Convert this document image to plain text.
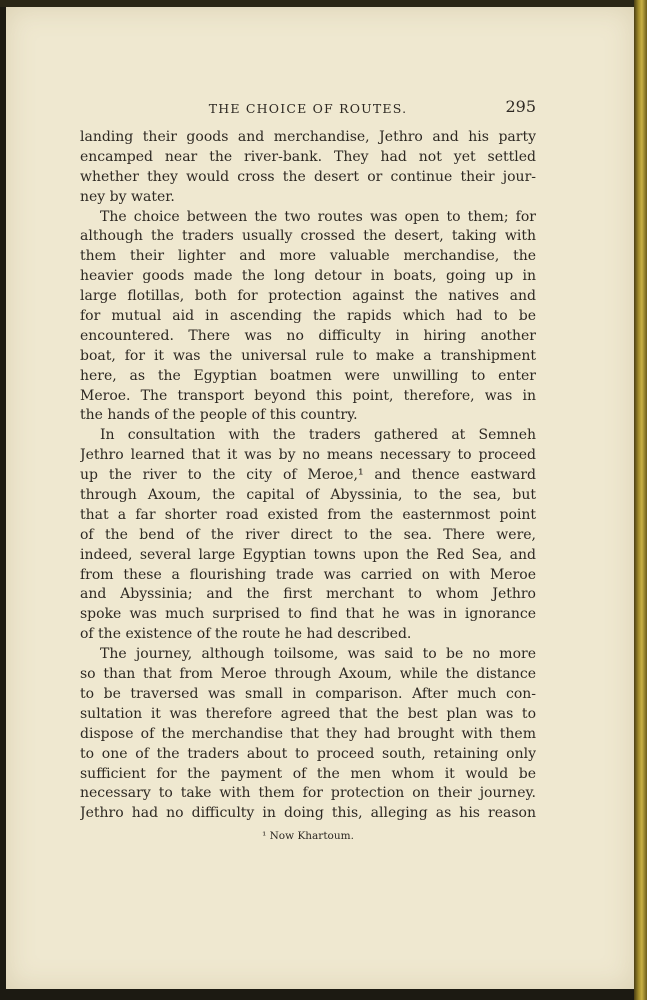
THE CHOICE OF ROUTES.	295
landing their goods and merchandise, Jethro and his party
encamped near the river-bank. They had not yet settled
whether they would cross the desert or continue their jour-
ney by water.
The choice between the two routes was open to them; for
although the traders usually crossed the desert, taking with
them their lighter and more valuable merchandise, the
heavier goods made the long detour in boats, going up in
large flotillas, both for protection against the natives and
for mutual aid in ascending the rapids which had to be
encountered. There was no difficulty in hiring another
boat, for it was the universal rule to make a transhipment
here, as the Egyptian boatmen were unwilling to enter
Meroe. The transport beyond this point, therefore, was in
the hands of the people of this country.
In consultation with the traders gathered at Semneh
Jethro learned that it was by no means necessary to proceed
up the river to the city of Meroe,¹ and thence eastward
through Axoum, the capital of Abyssinia, to the sea, but
that a far shorter road existed from the easternmost point
of the bend of the river direct to the sea. There were,
indeed, several large Egyptian towns upon the Red Sea, and
from these a flourishing trade was carried on with Meroe
and Abyssinia; and the first merchant to whom Jethro
spoke was much surprised to find that he was in ignorance
of the existence of the route he had described.
The journey, although toilsome, was said to be no more
so than that from Meroe through Axoum, while the distance
to be traversed was small in comparison. After much con-
sultation it was therefore agreed that the best plan was to
dispose of the merchandise that they had brought with them
to one of the traders about to proceed south, retaining only
sufficient for the payment of the men whom it would be
necessary to take with them for protection on their journey.
Jethro had no difficulty in doing this, alleging as his reason
¹ Now Khartoum.
